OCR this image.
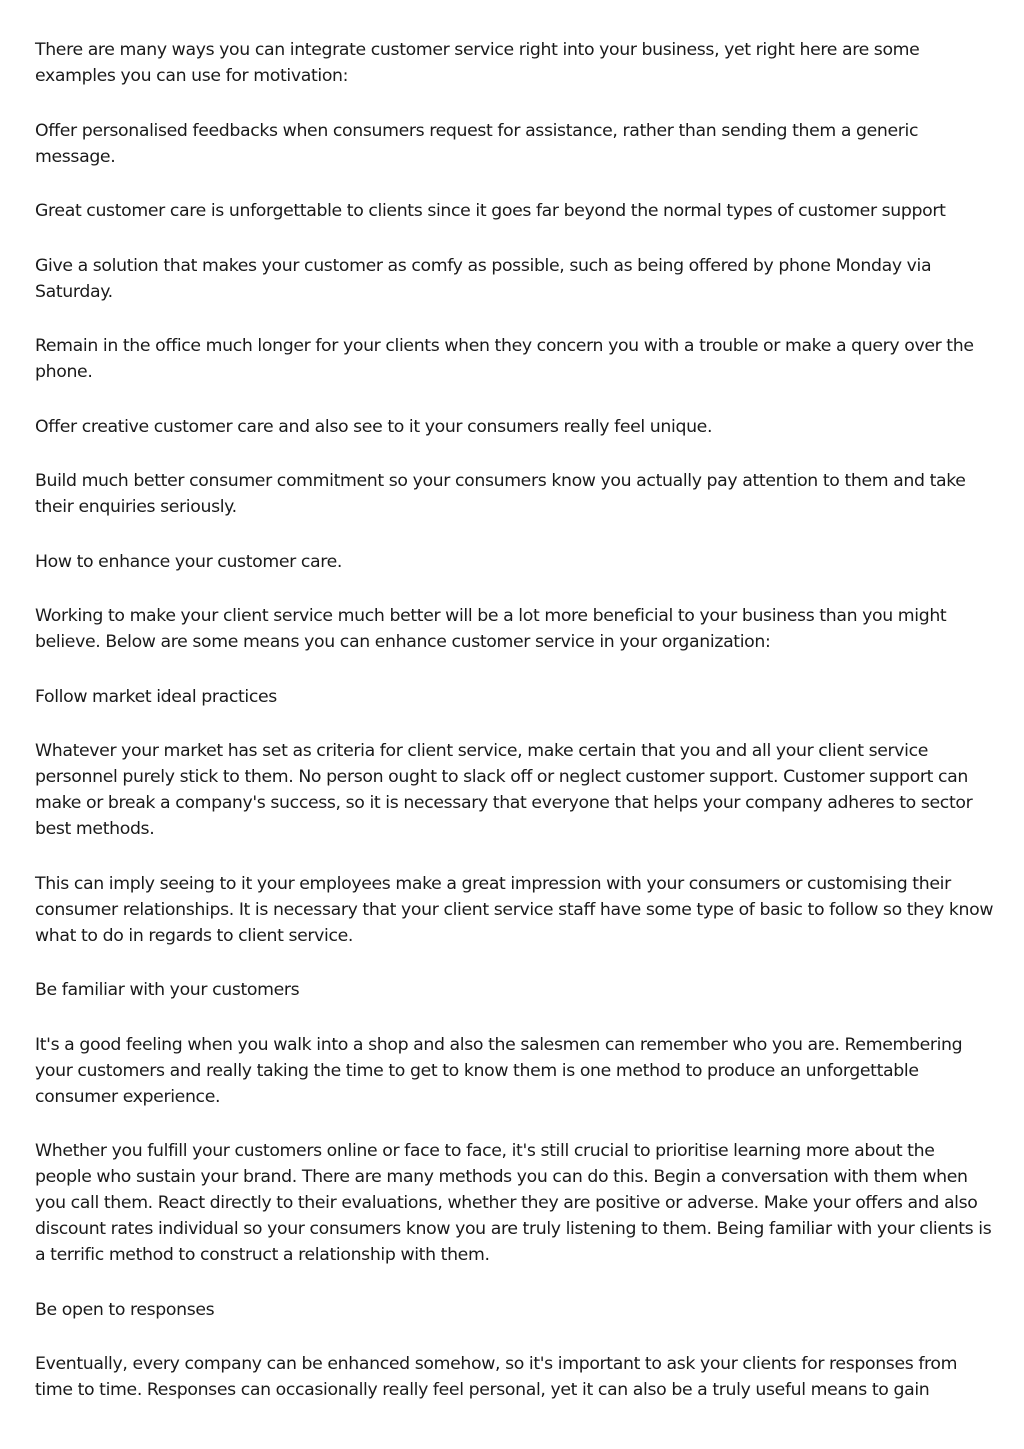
There are many ways you can integrate customer service right into your business, yet right here are some examples you can use for motivation:

Offer personalised feedbacks when consumers request for assistance, rather than sending them a generic message.

Great customer care is unforgettable to clients since it goes far beyond the normal types of customer support

Give a solution that makes your customer as comfy as possible, such as being offered by phone Monday via Saturday.

Remain in the office much longer for your clients when they concern you with a trouble or make a query over the phone.

Offer creative customer care and also see to it your consumers really feel unique.

Build much better consumer commitment so your consumers know you actually pay attention to them and take their enquiries seriously.

How to enhance your customer care.

Working to make your client service much better will be a lot more beneficial to your business than you might believe. Below are some means you can enhance customer service in your organization:

Follow market ideal practices

Whatever your market has set as criteria for client service, make certain that you and all your client service personnel purely stick to them. No person ought to slack off or neglect customer support. Customer support can make or break a company's success, so it is necessary that everyone that helps your company adheres to sector best methods.

This can imply seeing to it your employees make a great impression with your consumers or customising their consumer relationships. It is necessary that your client service staff have some type of basic to follow so they know what to do in regards to client service.

Be familiar with your customers

It's a good feeling when you walk into a shop and also the salesmen can remember who you are. Remembering your customers and really taking the time to get to know them is one method to produce an unforgettable consumer experience.

Whether you fulfill your customers online or face to face, it's still crucial to prioritise learning more about the people who sustain your brand. There are many methods you can do this. Begin a conversation with them when you call them. React directly to their evaluations, whether they are positive or adverse. Make your offers and also discount rates individual so your consumers know you are truly listening to them. Being familiar with your clients is a terrific method to construct a relationship with them.

Be open to responses

Eventually, every company can be enhanced somehow, so it's important to ask your clients for responses from time to time. Responses can occasionally really feel personal, yet it can also be a truly useful means to gain
